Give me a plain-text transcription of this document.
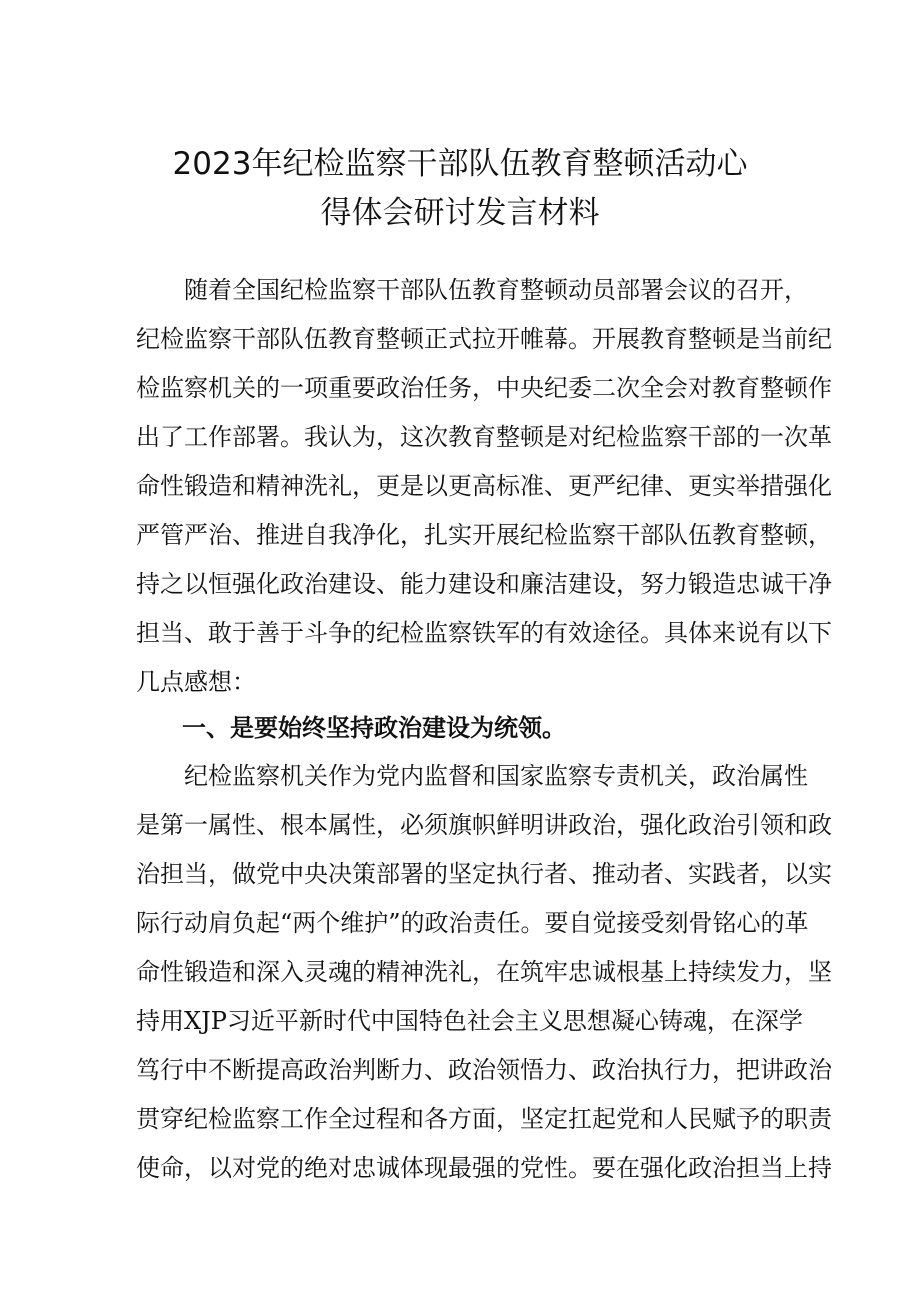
2023年纪检监察干部队伍教育整顿活动心
得体会研讨发言材料
随着全国纪检监察干部队伍教育整顿动员部署会议的召开，
纪检监察干部队伍教育整顿正式拉开帷幕。开展教育整顿是当前纪
检监察机关的一项重要政治任务，中央纪委二次全会对教育整顿作
出了工作部署。我认为，这次教育整顿是对纪检监察干部的一次革
命性锻造和精神洗礼，更是以更高标准、更严纪律、更实举措强化
严管严治、推进自我净化，扎实开展纪检监察干部队伍教育整顿，
持之以恒强化政治建设、能力建设和廉洁建设，努力锻造忠诚干净
担当、敢于善于斗争的纪检监察铁军的有效途径。具体来说有以下
几点感想：
一、是要始终坚持政治建设为统领。
纪检监察机关作为党内监督和国家监察专责机关，政治属性
是第一属性、根本属性，必须旗帜鲜明讲政治，强化政治引领和政
治担当，做党中央决策部署的坚定执行者、推动者、实践者，以实
际行动肩负起“两个维护”的政治责任。要自觉接受刻骨铭心的革
命性锻造和深入灵魂的精神洗礼，在筑牢忠诚根基上持续发力，坚
持用XJP习近平新时代中国特色社会主义思想凝心铸魂，在深学
笃行中不断提高政治判断力、政治领悟力、政治执行力，把讲政治
贯穿纪检监察工作全过程和各方面，坚定扛起党和人民赋予的职责
使命，以对党的绝对忠诚体现最强的党性。要在强化政治担当上持
